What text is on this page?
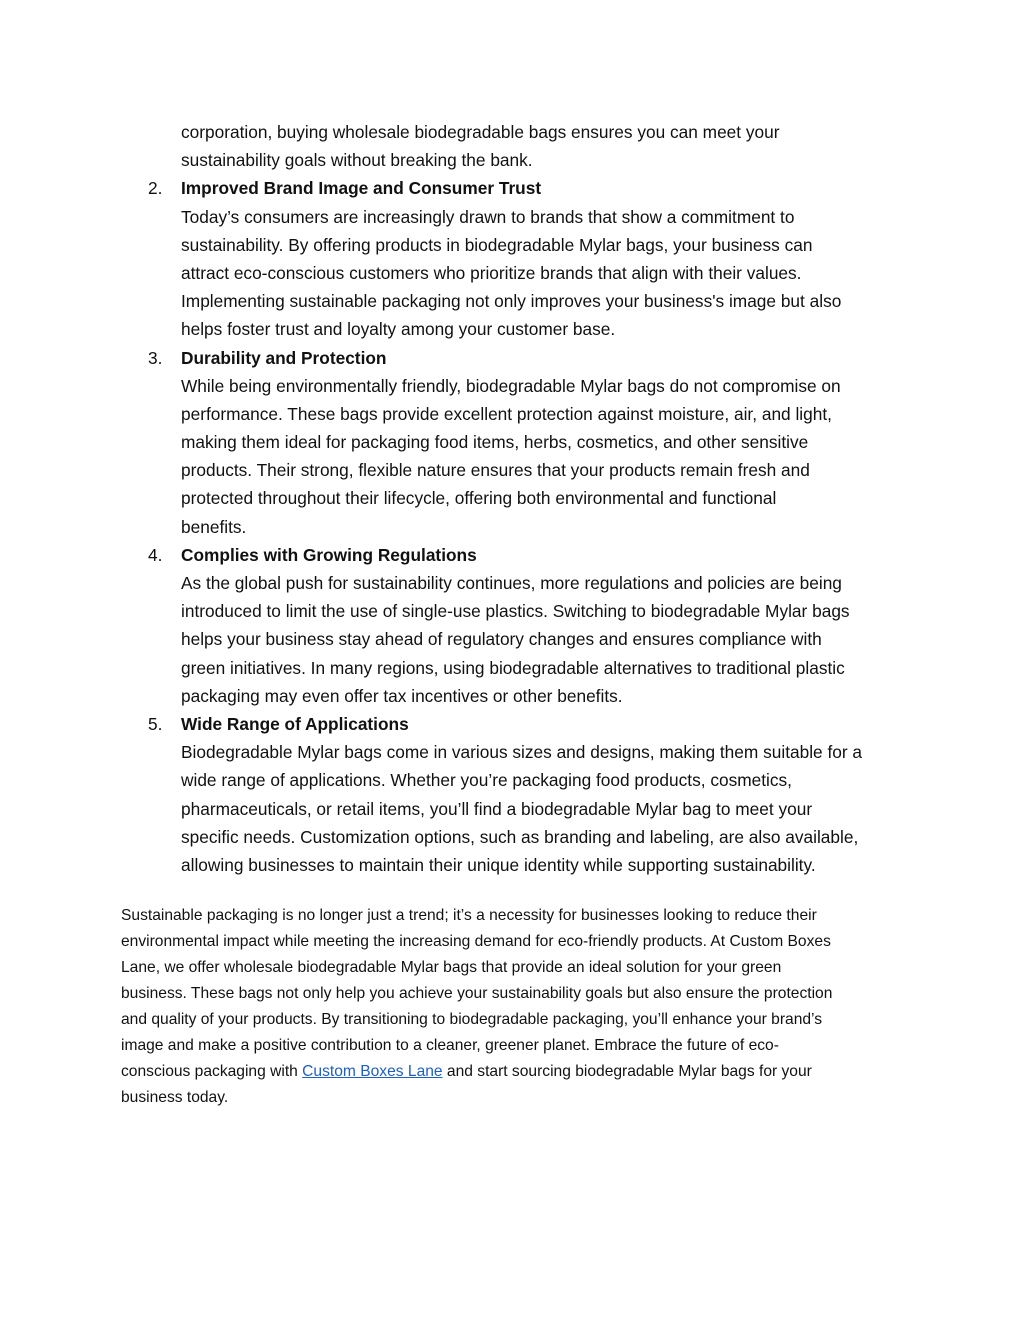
corporation, buying wholesale biodegradable bags ensures you can meet your
sustainability goals without breaking the bank.
2. Improved Brand Image and Consumer Trust
Today’s consumers are increasingly drawn to brands that show a commitment to
sustainability. By offering products in biodegradable Mylar bags, your business can
attract eco-conscious customers who prioritize brands that align with their values.
Implementing sustainable packaging not only improves your business's image but also
helps foster trust and loyalty among your customer base.
3. Durability and Protection
While being environmentally friendly, biodegradable Mylar bags do not compromise on
performance. These bags provide excellent protection against moisture, air, and light,
making them ideal for packaging food items, herbs, cosmetics, and other sensitive
products. Their strong, flexible nature ensures that your products remain fresh and
protected throughout their lifecycle, offering both environmental and functional
benefits.
4. Complies with Growing Regulations
As the global push for sustainability continues, more regulations and policies are being
introduced to limit the use of single-use plastics. Switching to biodegradable Mylar bags
helps your business stay ahead of regulatory changes and ensures compliance with
green initiatives. In many regions, using biodegradable alternatives to traditional plastic
packaging may even offer tax incentives or other benefits.
5. Wide Range of Applications
Biodegradable Mylar bags come in various sizes and designs, making them suitable for a
wide range of applications. Whether you’re packaging food products, cosmetics,
pharmaceuticals, or retail items, you’ll find a biodegradable Mylar bag to meet your
specific needs. Customization options, such as branding and labeling, are also available,
allowing businesses to maintain their unique identity while supporting sustainability.
Sustainable packaging is no longer just a trend; it’s a necessity for businesses looking to reduce their
environmental impact while meeting the increasing demand for eco-friendly products. At Custom Boxes
Lane, we offer wholesale biodegradable Mylar bags that provide an ideal solution for your green
business. These bags not only help you achieve your sustainability goals but also ensure the protection
and quality of your products. By transitioning to biodegradable packaging, you’ll enhance your brand’s
image and make a positive contribution to a cleaner, greener planet. Embrace the future of eco-
conscious packaging with Custom Boxes Lane and start sourcing biodegradable Mylar bags for your
business today.
